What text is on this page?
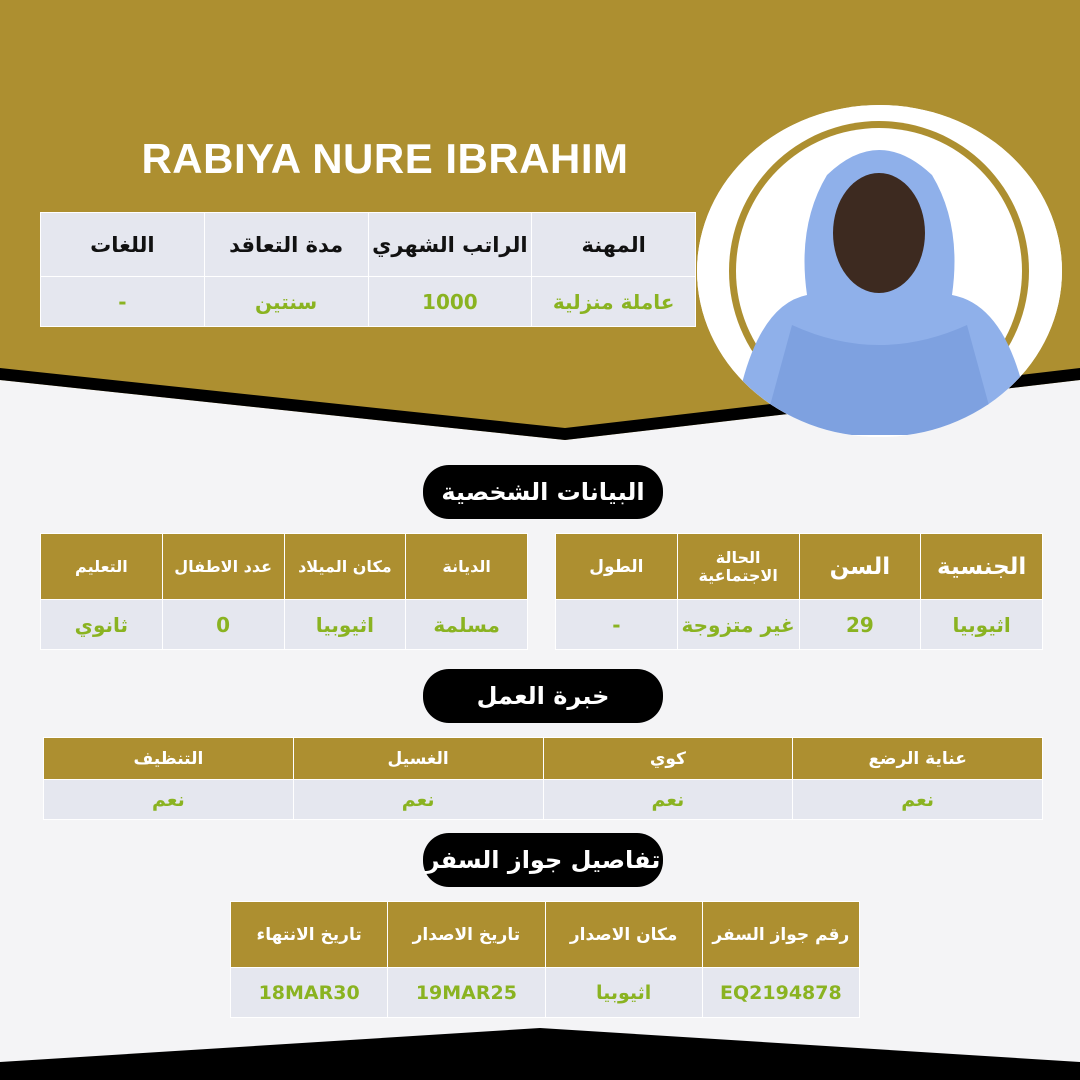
RABIYA NURE IBRAHIM
المهنة	الراتب الشهري	مدة التعاقد	اللغات
عاملة منزلية	1000	سنتين	-
البيانات الشخصية
الجنسية	السن	الحالة الاجتماعية	الطول
اثيوبيا	29	غير متزوجة	-
الديانة	مكان الميلاد	عدد الاطفال	التعليم
مسلمة	اثيوبيا	0	ثانوي
خبرة العمل
عناية الرضع	كوي	الغسيل	التنظيف
نعم	نعم	نعم	نعم
تفاصيل جواز السفر
رقم جواز السفر	مكان الاصدار	تاريخ الاصدار	تاريخ الانتهاء
EQ2194878	اثيوبيا	19MAR25	18MAR30
